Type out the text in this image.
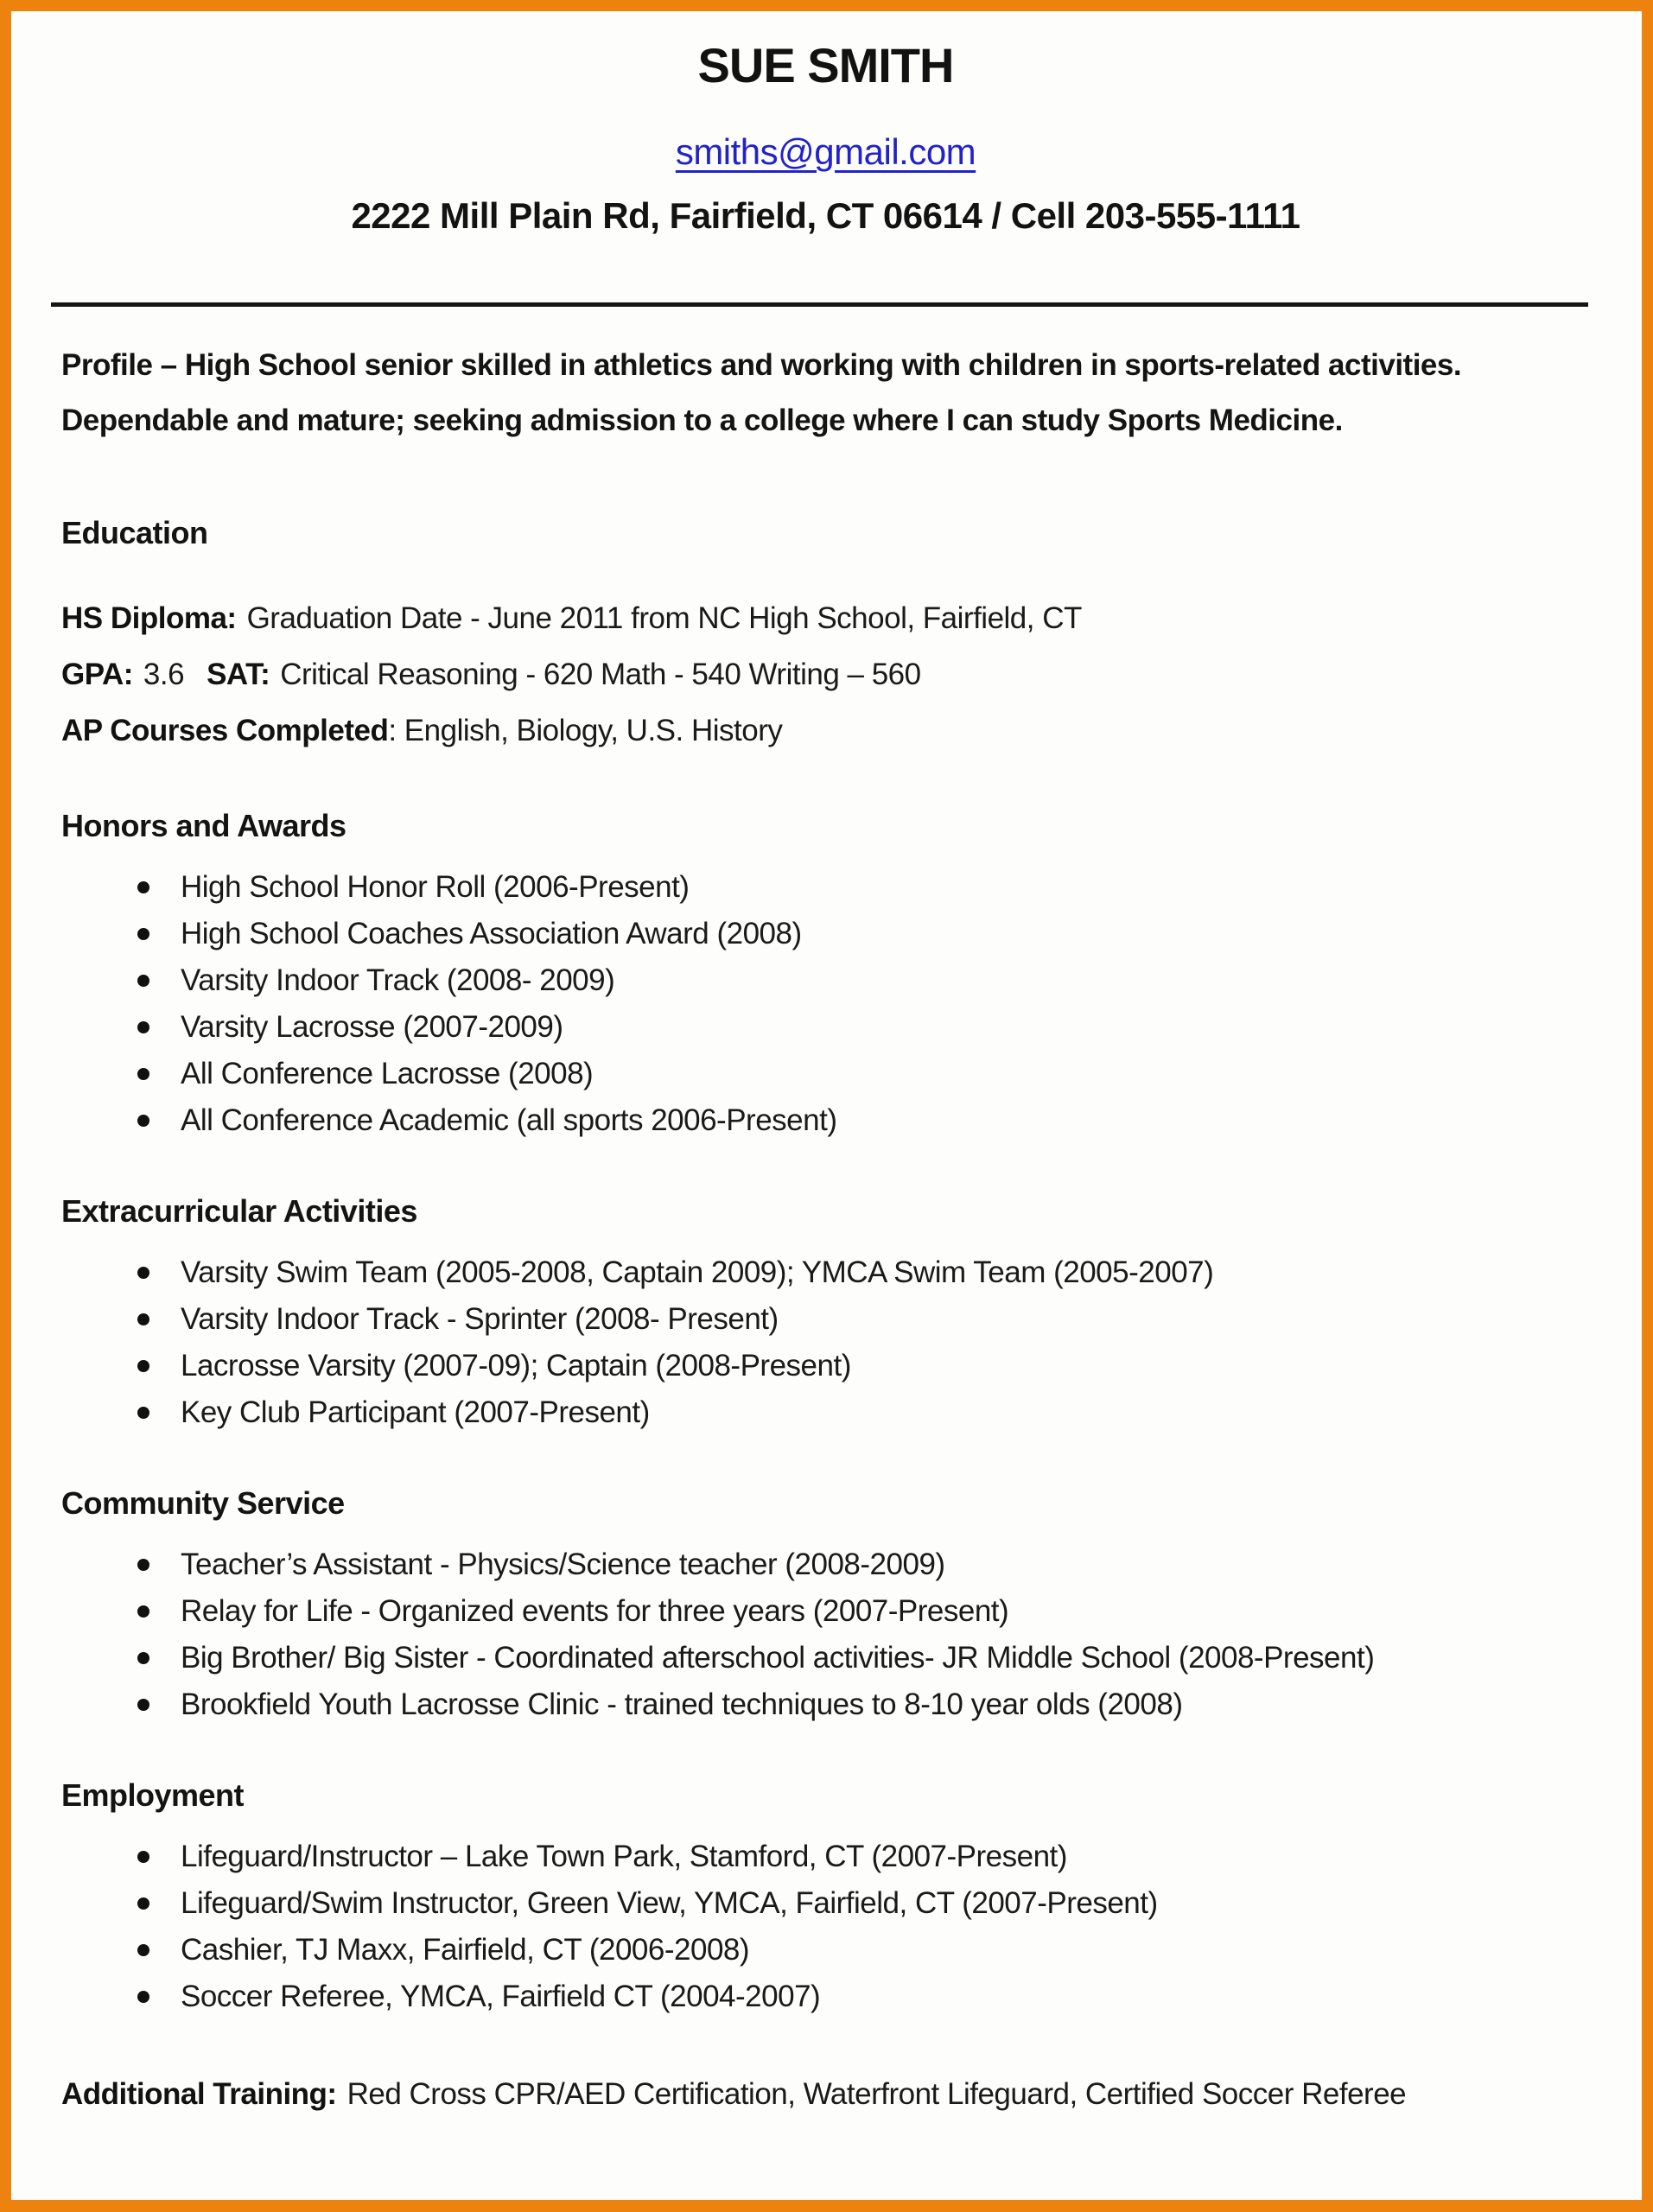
SUE SMITH
smiths@gmail.com
2222 Mill Plain Rd, Fairfield, CT 06614 / Cell 203-555-1111

Profile – High School senior skilled in athletics and working with children in sports-related activities. Dependable and mature; seeking admission to a college where I can study Sports Medicine.

Education
HS Diploma: Graduation Date - June 2011 from NC High School, Fairfield, CT
GPA: 3.6 SAT: Critical Reasoning - 620 Math - 540 Writing – 560
AP Courses Completed: English, Biology, U.S. History
Honors and Awards
High School Honor Roll (2006-Present)
High School Coaches Association Award (2008)
Varsity Indoor Track (2008- 2009)
Varsity Lacrosse (2007-2009)
All Conference Lacrosse (2008)
All Conference Academic (all sports 2006-Present)
Extracurricular Activities
Varsity Swim Team (2005-2008, Captain 2009); YMCA Swim Team (2005-2007)
Varsity Indoor Track - Sprinter (2008- Present)
Lacrosse Varsity (2007-09); Captain (2008-Present)
Key Club Participant (2007-Present)
Community Service
Teacher’s Assistant - Physics/Science teacher (2008-2009)
Relay for Life - Organized events for three years (2007-Present)
Big Brother/ Big Sister - Coordinated afterschool activities- JR Middle School (2008-Present)
Brookfield Youth Lacrosse Clinic - trained techniques to 8-10 year olds (2008)
Employment
Lifeguard/Instructor – Lake Town Park, Stamford, CT (2007-Present)
Lifeguard/Swim Instructor, Green View, YMCA, Fairfield, CT (2007-Present)
Cashier, TJ Maxx, Fairfield, CT (2006-2008)
Soccer Referee, YMCA, Fairfield CT (2004-2007)
Additional Training: Red Cross CPR/AED Certification, Waterfront Lifeguard, Certified Soccer Referee
